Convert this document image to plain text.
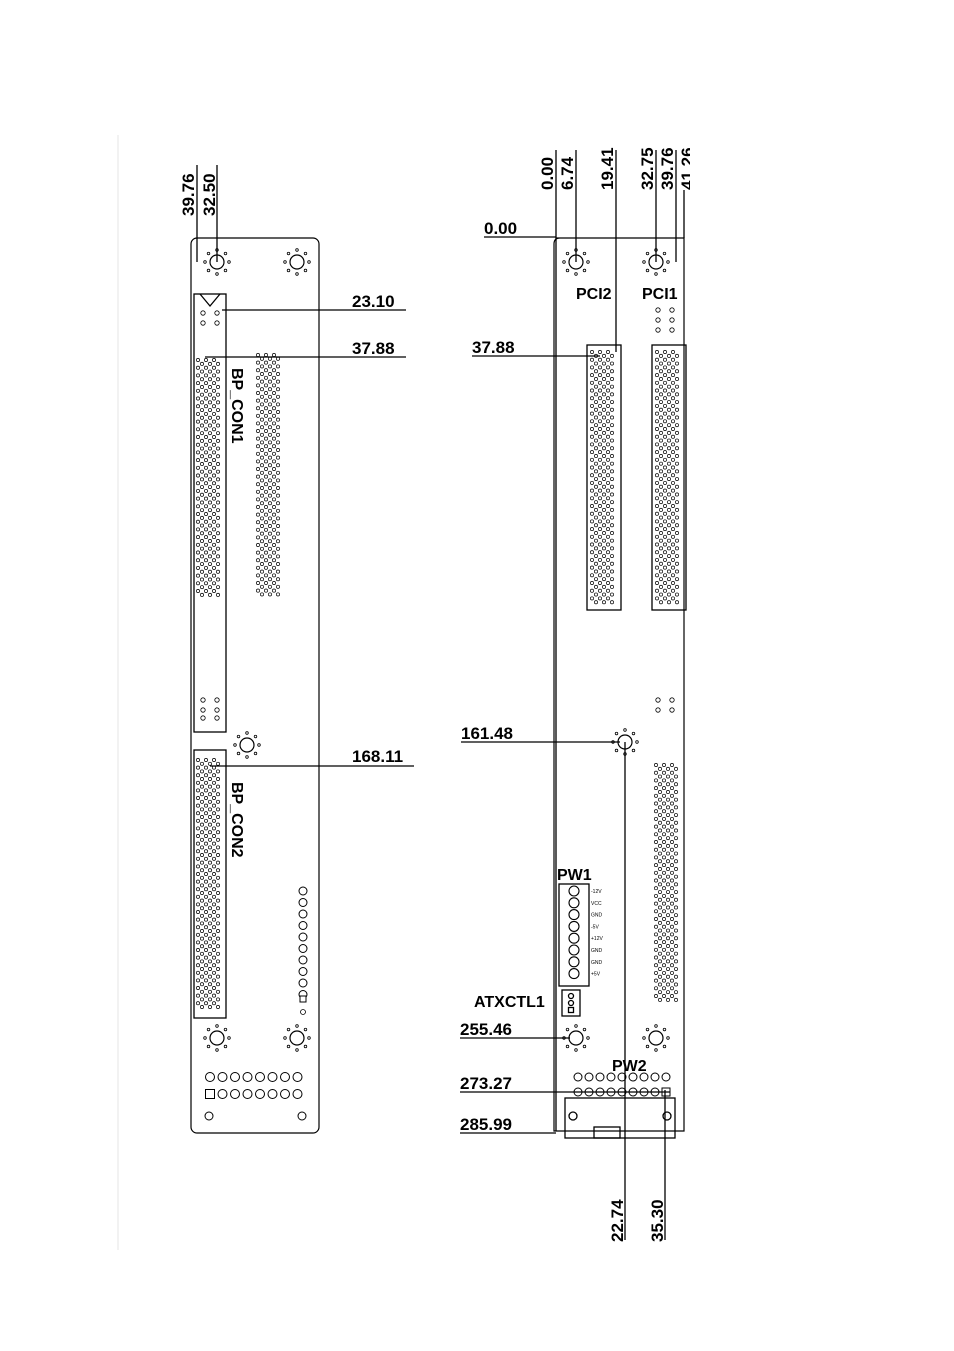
BP_CON1
BP_CON2
39.76 32.50
23.10
37.88
168.11
PCI2 PCI1
-12V
VCC
GND
-5V
+12V
GND
GND
+5V
PW1
ATXCTL1
PW2
0.00 6.74 19.41 32.75 39.76 41.26
0.00
37.88
161.48
255.46
273.27
285.99
22.74 35.30
